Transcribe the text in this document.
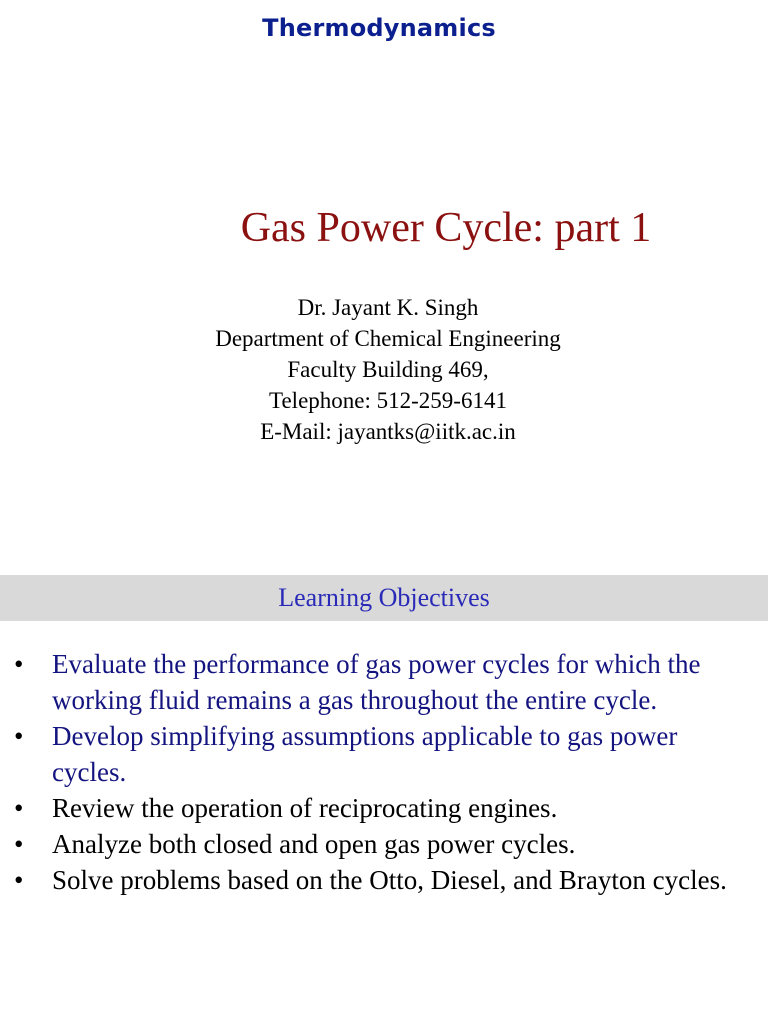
Thermodynamics
Gas Power Cycle: part 1
Dr. Jayant K. Singh
Department of Chemical Engineering
Faculty Building 469,
Telephone: 512-259-6141
E-Mail: jayantks@iitk.ac.in
Learning Objectives
• Evaluate the performance of gas power cycles for which the working fluid remains a gas throughout the entire cycle.
• Develop simplifying assumptions applicable to gas power cycles.
• Review the operation of reciprocating engines.
• Analyze both closed and open gas power cycles.
• Solve problems based on the Otto, Diesel, and Brayton cycles.
